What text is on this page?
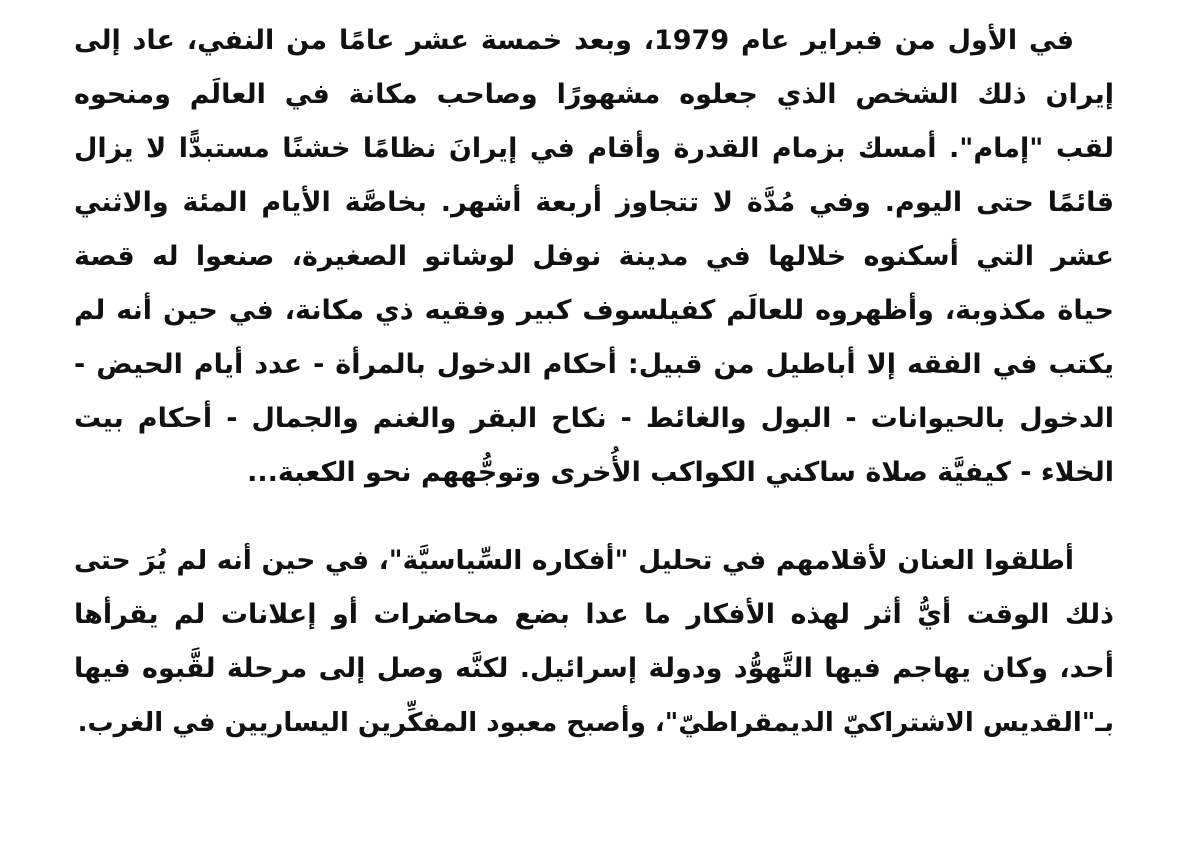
في الأول من فبراير عام 1979، وبعد خمسة عشر عامًا من النفي، عاد إلى
إيران ذلك الشخص الذي جعلوه مشهورًا وصاحب مكانة في العالَم ومنحوه
لقب "إمام". أمسك بزمام القدرة وأقام في إيرانَ نظامًا خشنًا مستبدًّا لا يزال
قائمًا حتى اليوم. وفي مُدَّة لا تتجاوز أربعة أشهر. بخاصَّة الأيام المئة والاثني
عشر التي أسكنوه خلالها في مدينة نوفل لوشاتو الصغيرة، صنعوا له قصة
حياة مكذوبة، وأظهروه للعالَم كفيلسوف كبير وفقيه ذي مكانة، في حين أنه لم
يكتب في الفقه إلا أباطيل من قبيل: أحكام الدخول بالمرأة - عدد أيام الحيض -
الدخول بالحيوانات - البول والغائط - نكاح البقر والغنم والجمال - أحكام بيت
الخلاء - كيفيَّة صلاة ساكني الكواكب الأُخرى وتوجُّههم نحو الكعبة...
أطلقوا العنان لأقلامهم في تحليل "أفكاره السِّياسيَّة"، في حين أنه لم يُرَ حتى
ذلك الوقت أيُّ أثر لهذه الأفكار ما عدا بضع محاضرات أو إعلانات لم يقرأها
أحد، وكان يهاجم فيها التَّهوُّد ودولة إسرائيل. لكنَّه وصل إلى مرحلة لقَّبوه فيها
بـ"القديس الاشتراكيّ الديمقراطيّ"، وأصبح معبود المفكِّرين اليساريين في الغرب.
